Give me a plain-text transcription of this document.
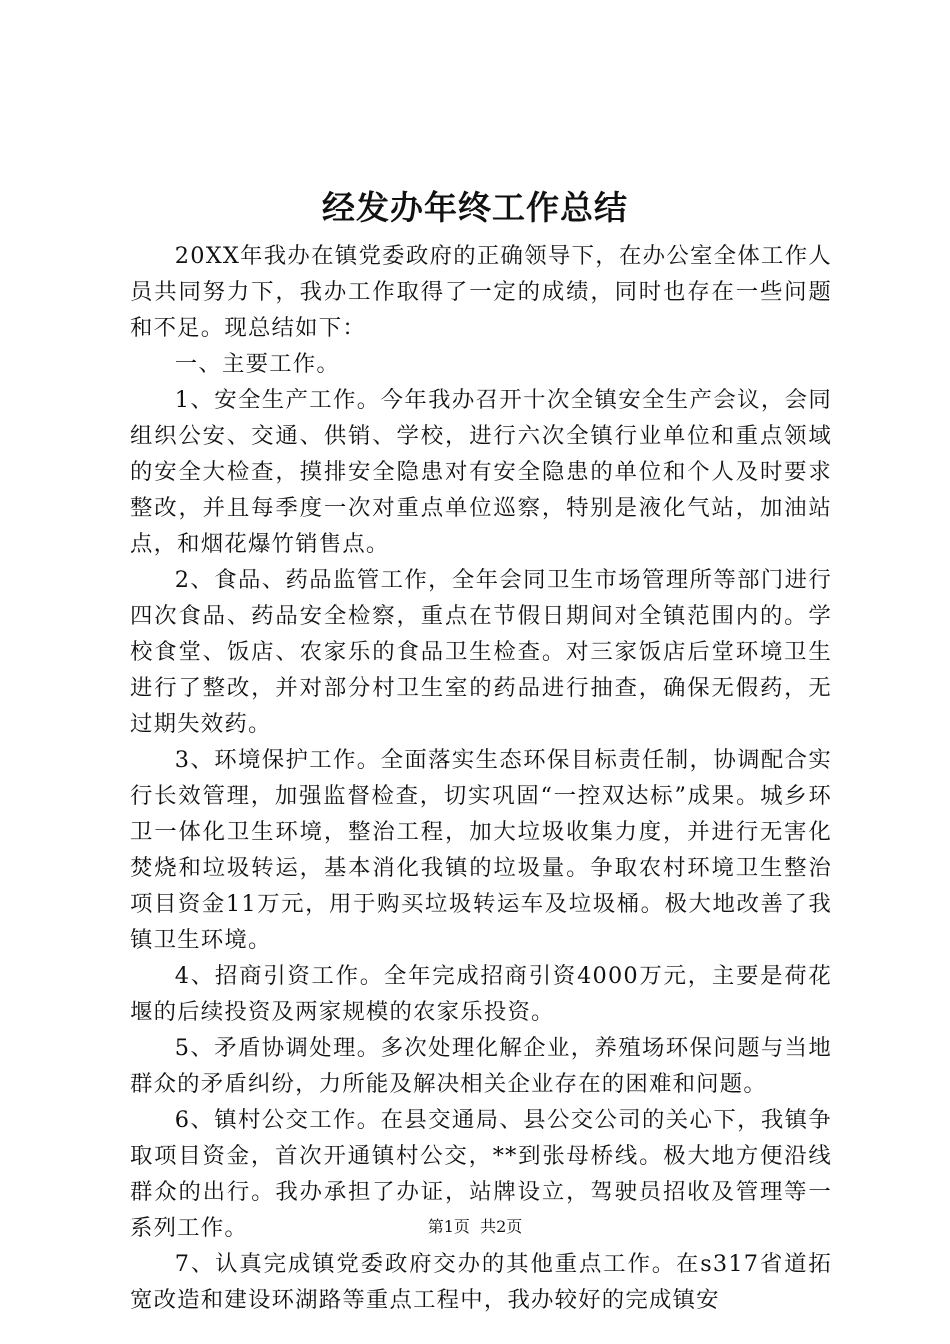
经发办年终工作总结

20XX年我办在镇党委政府的正确领导下，在办公室全体工作人员共同努力下，我办工作取得了一定的成绩，同时也存在一些问题和不足。现总结如下：

一、主要工作。

1、安全生产工作。今年我办召开十次全镇安全生产会议，会同组织公安、交通、供销、学校，进行六次全镇行业单位和重点领域的安全大检查，摸排安全隐患对有安全隐患的单位和个人及时要求整改，并且每季度一次对重点单位巡察，特别是液化气站，加油站点，和烟花爆竹销售点。

2、食品、药品监管工作，全年会同卫生市场管理所等部门进行四次食品、药品安全检察，重点在节假日期间对全镇范围内的。学校食堂、饭店、农家乐的食品卫生检查。对三家饭店后堂环境卫生进行了整改，并对部分村卫生室的药品进行抽查，确保无假药，无过期失效药。

3、环境保护工作。全面落实生态环保目标责任制，协调配合实行长效管理，加强监督检查，切实巩固“一控双达标”成果。城乡环卫一体化卫生环境，整治工程，加大垃圾收集力度，并进行无害化焚烧和垃圾转运，基本消化我镇的垃圾量。争取农村环境卫生整治项目资金11万元，用于购买垃圾转运车及垃圾桶。极大地改善了我镇卫生环境。

4、招商引资工作。全年完成招商引资4000万元，主要是荷花堰的后续投资及两家规模的农家乐投资。

5、矛盾协调处理。多次处理化解企业，养殖场环保问题与当地群众的矛盾纠纷，力所能及解决相关企业存在的困难和问题。

6、镇村公交工作。在县交通局、县公交公司的关心下，我镇争取项目资金，首次开通镇村公交，**到张母桥线。极大地方便沿线群众的出行。我办承担了办证，站牌设立，驾驶员招收及管理等一系列工作。

7、认真完成镇党委政府交办的其他重点工作。在s317省道拓宽改造和建设环湖路等重点工程中，我办较好的完成镇安

第1页 共2页
